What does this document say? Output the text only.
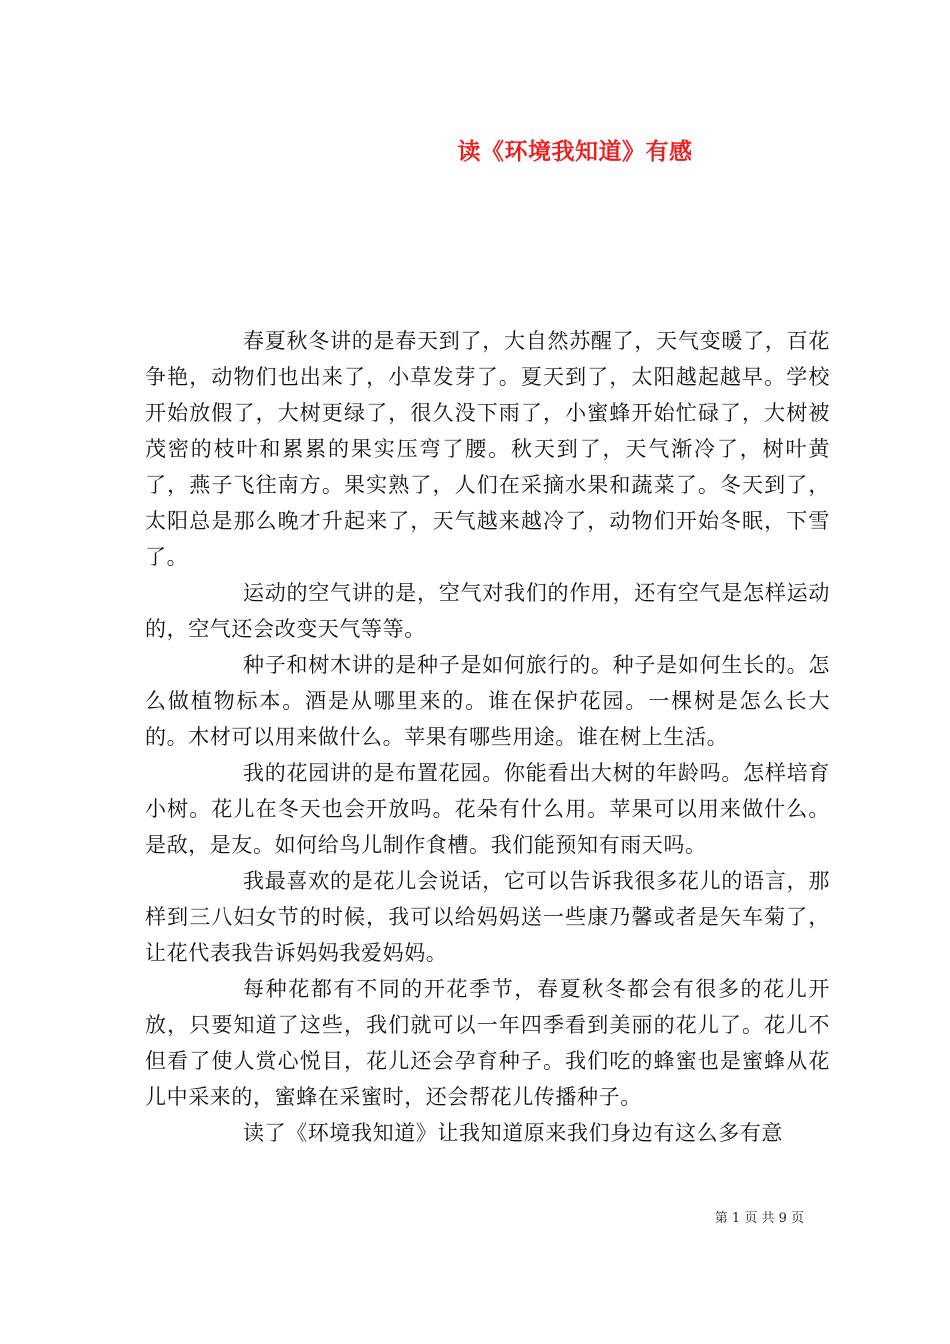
读《环境我知道》有感

春夏秋冬讲的是春天到了，大自然苏醒了，天气变暖了，百花争艳，动物们也出来了，小草发芽了。夏天到了，太阳越起越早。学校开始放假了，大树更绿了，很久没下雨了，小蜜蜂开始忙碌了，大树被茂密的枝叶和累累的果实压弯了腰。秋天到了，天气渐冷了，树叶黄了，燕子飞往南方。果实熟了，人们在采摘水果和蔬菜了。冬天到了，太阳总是那么晚才升起来了，天气越来越冷了，动物们开始冬眠，下雪了。

运动的空气讲的是，空气对我们的作用，还有空气是怎样运动的，空气还会改变天气等等。

种子和树木讲的是种子是如何旅行的。种子是如何生长的。怎么做植物标本。酒是从哪里来的。谁在保护花园。一棵树是怎么长大的。木材可以用来做什么。苹果有哪些用途。谁在树上生活。

我的花园讲的是布置花园。你能看出大树的年龄吗。怎样培育小树。花儿在冬天也会开放吗。花朵有什么用。苹果可以用来做什么。是敌，是友。如何给鸟儿制作食槽。我们能预知有雨天吗。

我最喜欢的是花儿会说话，它可以告诉我很多花儿的语言，那样到三八妇女节的时候，我可以给妈妈送一些康乃馨或者是矢车菊了，让花代表我告诉妈妈我爱妈妈。

每种花都有不同的开花季节，春夏秋冬都会有很多的花儿开放，只要知道了这些，我们就可以一年四季看到美丽的花儿了。花儿不但看了使人赏心悦目，花儿还会孕育种子。我们吃的蜂蜜也是蜜蜂从花儿中采来的，蜜蜂在采蜜时，还会帮花儿传播种子。

读了《环境我知道》让我知道原来我们身边有这么多有意

第 1 页 共 9 页
